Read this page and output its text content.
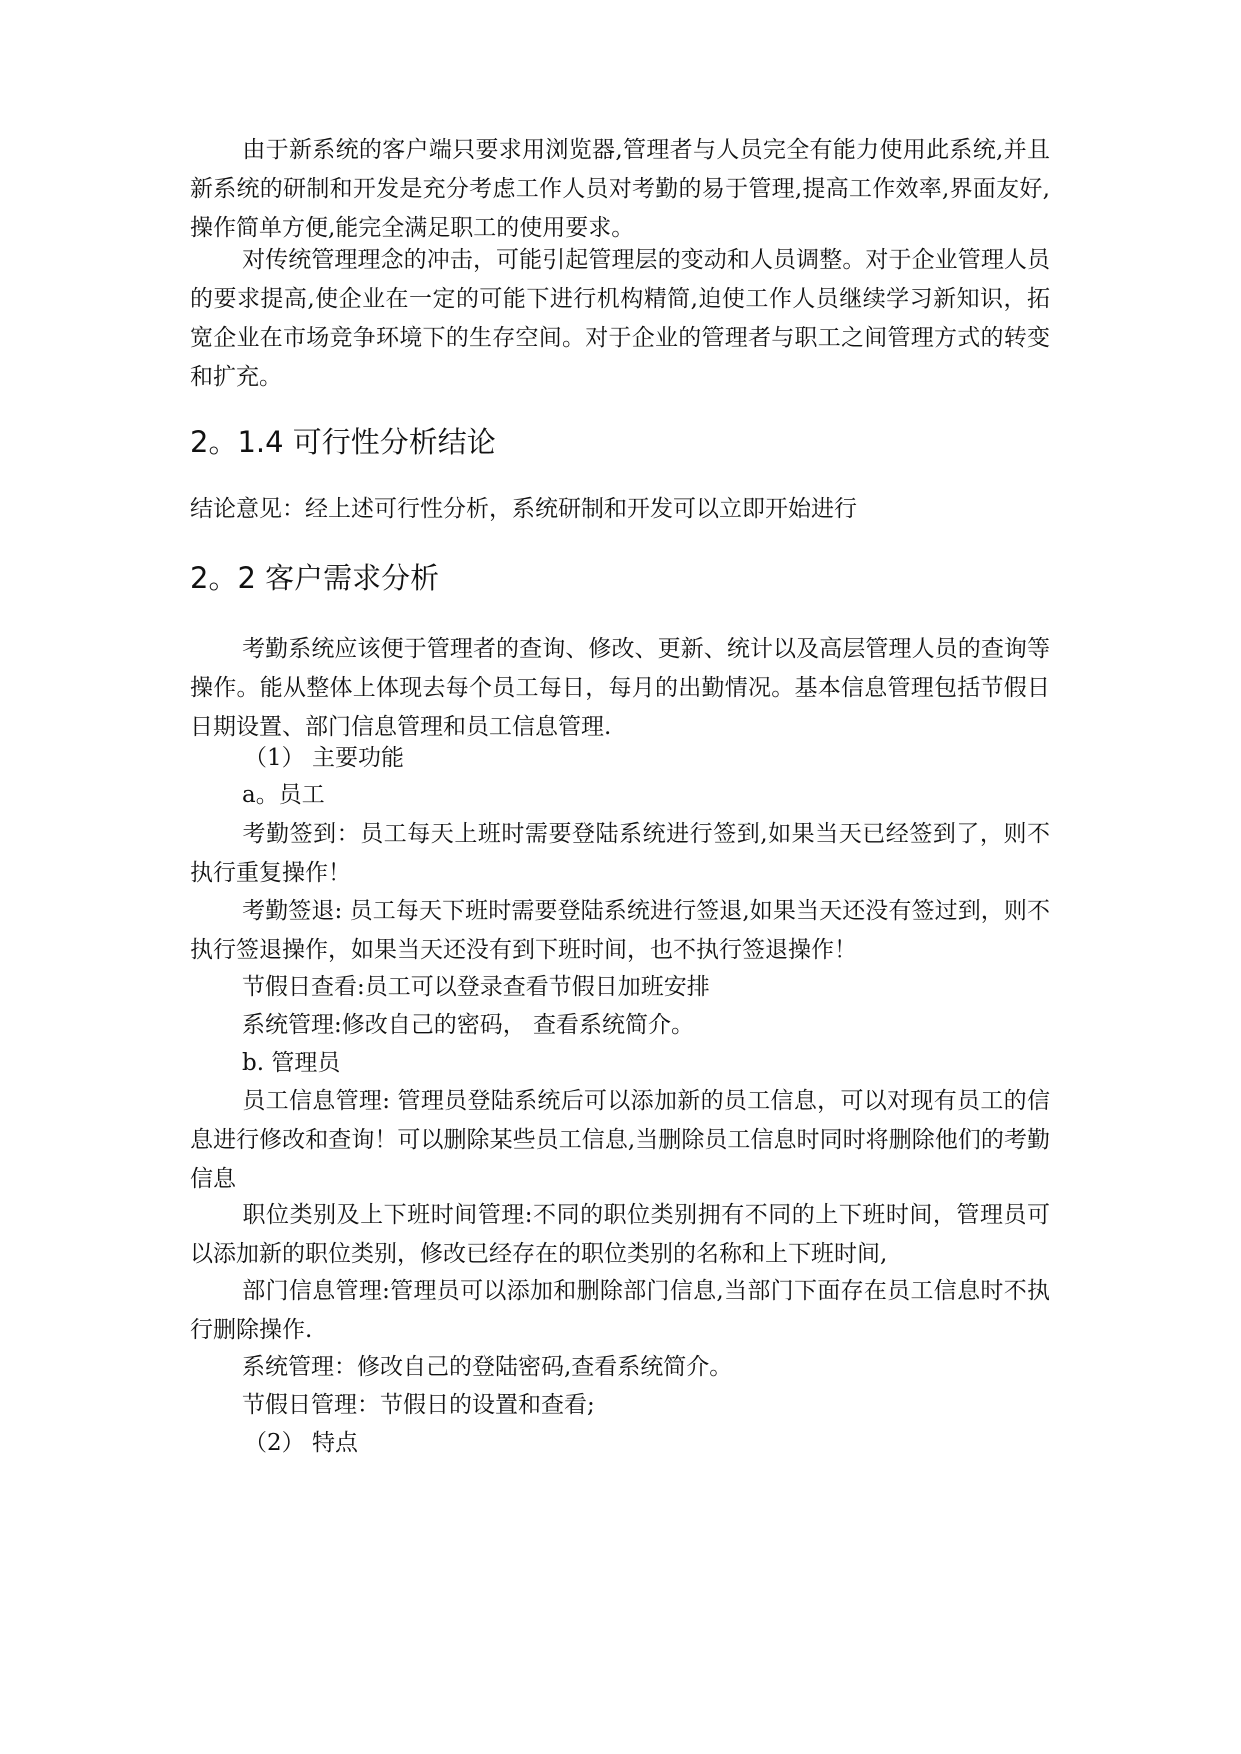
由于新系统的客户端只要求用浏览器,管理者与人员完全有能力使用此系统,并且新系统的研制和开发是充分考虑工作人员对考勤的易于管理,提高工作效率,界面友好,操作简单方便,能完全满足职工的使用要求。

对传统管理理念的冲击，可能引起管理层的变动和人员调整。对于企业管理人员的要求提高,使企业在一定的可能下进行机构精简,迫使工作人员继续学习新知识，拓宽企业在市场竞争环境下的生存空间。对于企业的管理者与职工之间管理方式的转变和扩充。

2。1.4 可行性分析结论

结论意见：经上述可行性分析，系统研制和开发可以立即开始进行

2。2 客户需求分析

考勤系统应该便于管理者的查询、修改、更新、统计以及高层管理人员的查询等操作。能从整体上体现去每个员工每日，每月的出勤情况。基本信息管理包括节假日日期设置、部门信息管理和员工信息管理.

（1） 主要功能

a。员工

考勤签到：员工每天上班时需要登陆系统进行签到,如果当天已经签到了，则不执行重复操作！

考勤签退: 员工每天下班时需要登陆系统进行签退,如果当天还没有签过到，则不执行签退操作，如果当天还没有到下班时间，也不执行签退操作！

节假日查看:员工可以登录查看节假日加班安排

系统管理:修改自己的密码， 查看系统简介。

b. 管理员

员工信息管理: 管理员登陆系统后可以添加新的员工信息，可以对现有员工的信息进行修改和查询！可以删除某些员工信息,当删除员工信息时同时将删除他们的考勤信息

职位类别及上下班时间管理:不同的职位类别拥有不同的上下班时间，管理员可以添加新的职位类别，修改已经存在的职位类别的名称和上下班时间,

部门信息管理:管理员可以添加和删除部门信息,当部门下面存在员工信息时不执行删除操作.

系统管理：修改自己的登陆密码,查看系统简介。

节假日管理：节假日的设置和查看;

（2） 特点
